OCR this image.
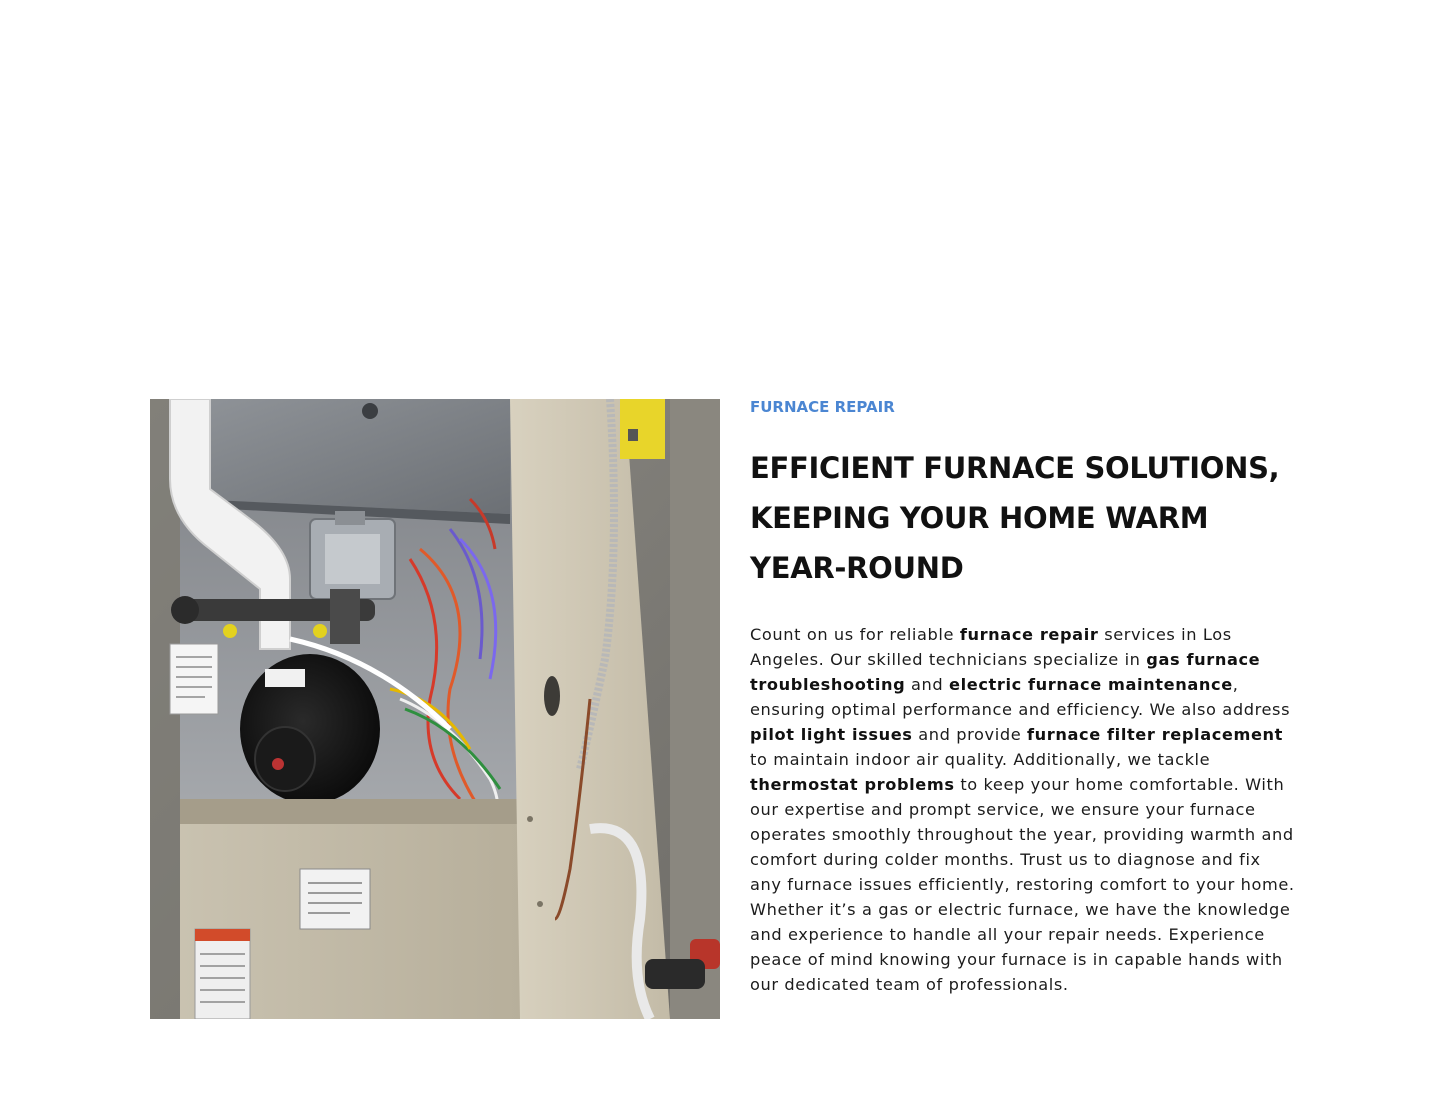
FURNACE REPAIR

EFFICIENT FURNACE SOLUTIONS, KEEPING YOUR HOME WARM YEAR-ROUND

Count on us for reliable furnace repair services in Los Angeles. Our skilled technicians specialize in gas furnace troubleshooting and electric furnace maintenance, ensuring optimal performance and efficiency. We also address pilot light issues and provide furnace filter replacement to maintain indoor air quality. Additionally, we tackle thermostat problems to keep your home comfortable. With our expertise and prompt service, we ensure your furnace operates smoothly throughout the year, providing warmth and comfort during colder months. Trust us to diagnose and fix any furnace issues efficiently, restoring comfort to your home. Whether it’s a gas or electric furnace, we have the knowledge and experience to handle all your repair needs. Experience peace of mind knowing your furnace is in capable hands with our dedicated team of professionals.
